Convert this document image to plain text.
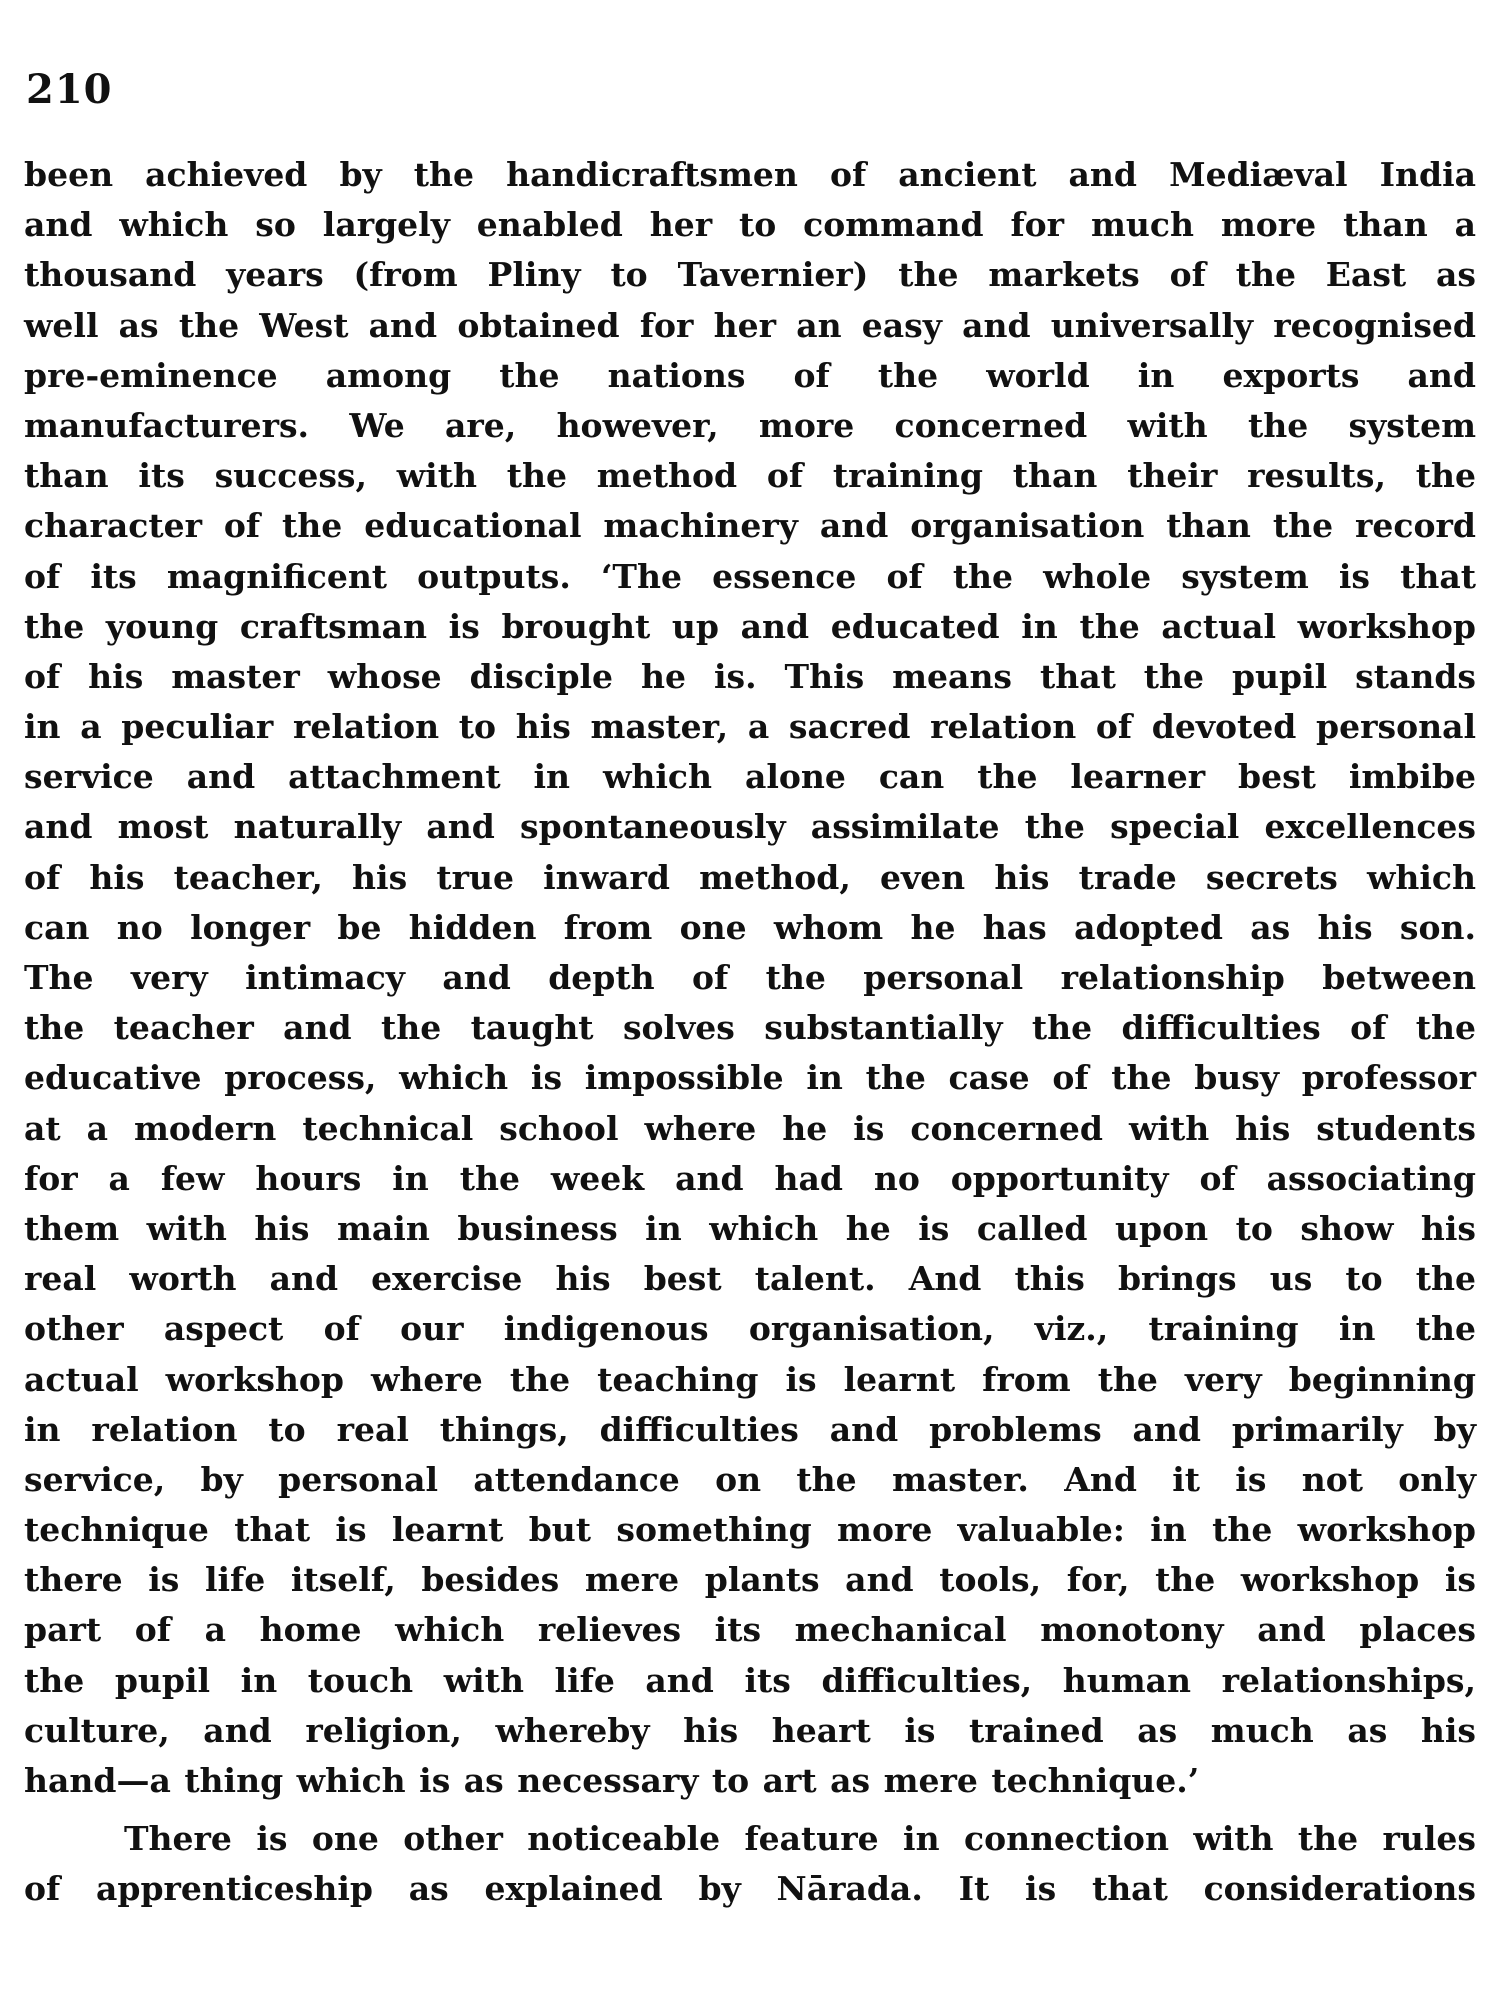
210
been achieved by the handicraftsmen of ancient and Mediæval India
and which so largely enabled her to command for much more than a
thousand years (from Pliny to Tavernier) the markets of the East as
well as the West and obtained for her an easy and universally recognised
pre-eminence among the nations of the world in exports and
manufacturers. We are, however, more concerned with the system
than its success, with the method of training than their results, the
character of the educational machinery and organisation than the record
of its magnificent outputs. ‘The essence of the whole system is that
the young craftsman is brought up and educated in the actual workshop
of his master whose disciple he is. This means that the pupil stands
in a peculiar relation to his master, a sacred relation of devoted personal
service and attachment in which alone can the learner best imbibe
and most naturally and spontaneously assimilate the special excellences
of his teacher, his true inward method, even his trade secrets which
can no longer be hidden from one whom he has adopted as his son.
The very intimacy and depth of the personal relationship between
the teacher and the taught solves substantially the difficulties of the
educative process, which is impossible in the case of the busy professor
at a modern technical school where he is concerned with his students
for a few hours in the week and had no opportunity of associating
them with his main business in which he is called upon to show his
real worth and exercise his best talent. And this brings us to the
other aspect of our indigenous organisation, viz., training in the
actual workshop where the teaching is learnt from the very beginning
in relation to real things, difficulties and problems and primarily by
service, by personal attendance on the master. And it is not only
technique that is learnt but something more valuable: in the workshop
there is life itself, besides mere plants and tools, for, the workshop is
part of a home which relieves its mechanical monotony and places
the pupil in touch with life and its difficulties, human relationships,
culture, and religion, whereby his heart is trained as much as his
hand—a thing which is as necessary to art as mere technique.’
There is one other noticeable feature in connection with the rules
of apprenticeship as explained by Nārada. It is that considerations
